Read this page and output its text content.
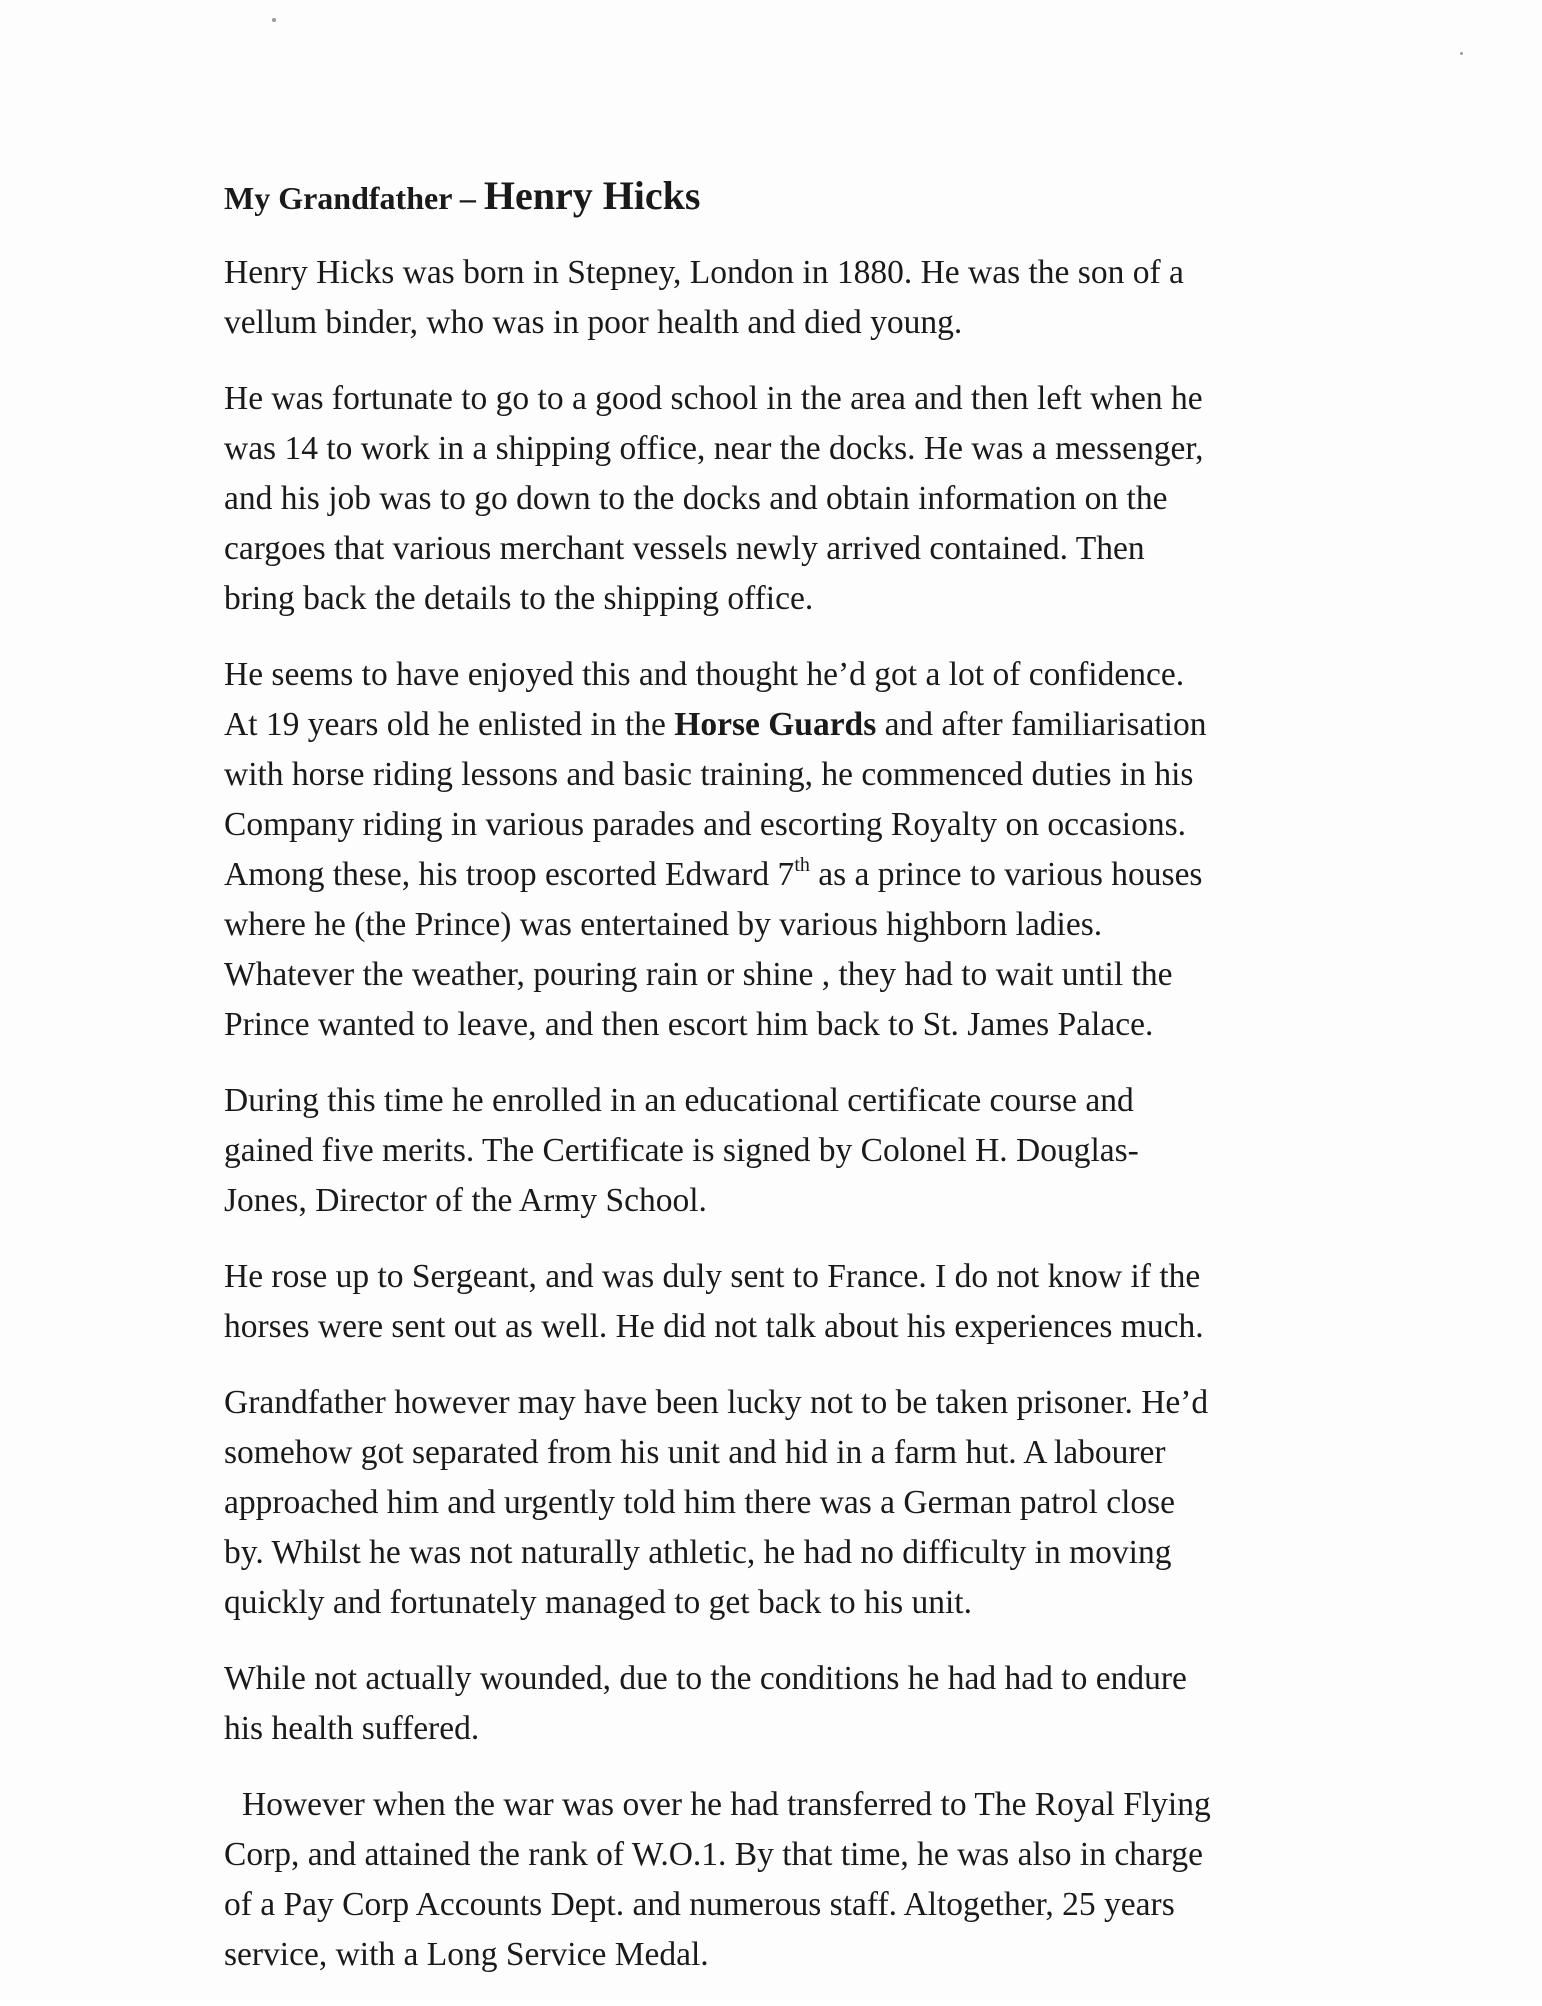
My Grandfather – Henry Hicks

Henry Hicks was born in Stepney, London in 1880. He was the son of a
vellum binder, who was in poor health and died young.

He was fortunate to go to a good school in the area and then left when he
was 14 to work in a shipping office, near the docks. He was a messenger,
and his job was to go down to the docks and obtain information on the
cargoes that various merchant vessels newly arrived contained. Then
bring back the details to the shipping office.

He seems to have enjoyed this and thought he’d got a lot of confidence.
At 19 years old he enlisted in the Horse Guards and after familiarisation
with horse riding lessons and basic training, he commenced duties in his
Company riding in various parades and escorting Royalty on occasions.
Among these, his troop escorted Edward 7th as a prince to various houses
where he (the Prince) was entertained by various highborn ladies.
Whatever the weather, pouring rain or shine , they had to wait until the
Prince wanted to leave, and then escort him back to St. James Palace.

During this time he enrolled in an educational certificate course and
gained five merits. The Certificate is signed by Colonel H. Douglas-
Jones, Director of the Army School.

He rose up to Sergeant, and was duly sent to France. I do not know if the
horses were sent out as well. He did not talk about his experiences much.

Grandfather however may have been lucky not to be taken prisoner. He’d
somehow got separated from his unit and hid in a farm hut. A labourer
approached him and urgently told him there was a German patrol close
by. Whilst he was not naturally athletic, he had no difficulty in moving
quickly and fortunately managed to get back to his unit.

While not actually wounded, due to the conditions he had had to endure
his health suffered.

However when the war was over he had transferred to The Royal Flying
Corp, and attained the rank of W.O.1. By that time, he was also in charge
of a Pay Corp Accounts Dept. and numerous staff. Altogether, 25 years
service, with a Long Service Medal.
